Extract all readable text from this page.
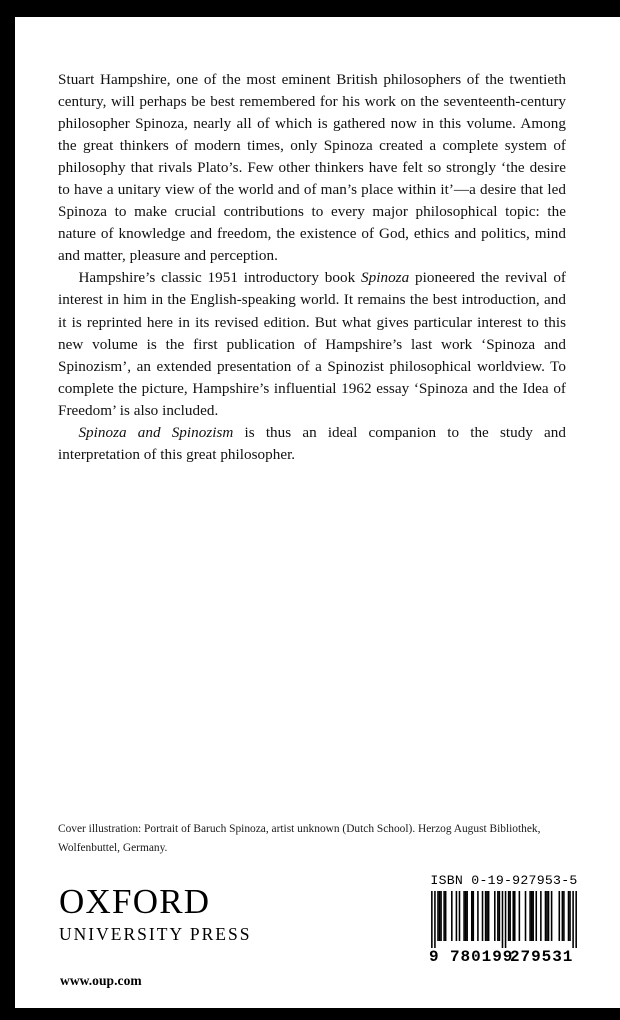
Stuart Hampshire, one of the most eminent British philosophers of the twentieth century, will perhaps be best remembered for his work on the seventeenth-century philosopher Spinoza, nearly all of which is gathered now in this volume. Among the great thinkers of modern times, only Spinoza created a complete system of philosophy that rivals Plato’s. Few other thinkers have felt so strongly ‘the desire to have a unitary view of the world and of man’s place within it’—a desire that led Spinoza to make crucial contributions to every major philosophical topic: the nature of knowledge and freedom, the existence of God, ethics and politics, mind and matter, pleasure and perception.

Hampshire’s classic 1951 introductory book Spinoza pioneered the revival of interest in him in the English-speaking world. It remains the best introduction, and it is reprinted here in its revised edition. But what gives particular interest to this new volume is the first publication of Hampshire’s last work ‘Spinoza and Spinozism’, an extended presentation of a Spinozist philosophical worldview. To complete the picture, Hampshire’s influential 1962 essay ‘Spinoza and the Idea of Freedom’ is also included.

Spinoza and Spinozism is thus an ideal companion to the study and interpretation of this great philosopher.

Cover illustration: Portrait of Baruch Spinoza, artist unknown (Dutch School). Herzog August Bibliothek, Wolfenbuttel, Germany.
OXFORD
UNIVERSITY PRESS
www.oup.com
ISBN 0-19-927953-5
9 780199
279531
